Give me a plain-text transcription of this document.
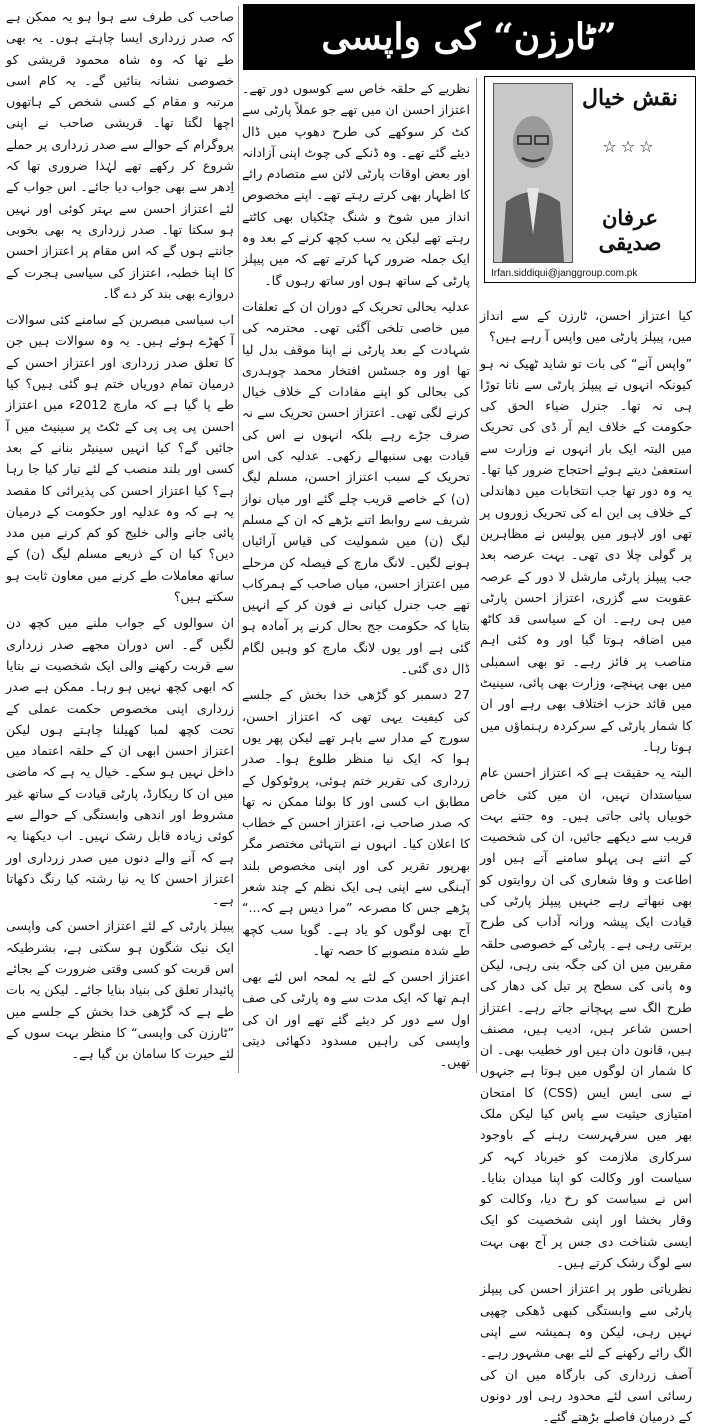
”ٹارزن“ کی واپسی
نقش خیال
☆☆☆
عرفان صدیقی
Irfan.siddiqui@janggroup.com.pk

کیا اعتزاز احسن، ٹارزن کے سے انداز میں، پیپلز پارٹی میں واپس آ رہے ہیں؟

”واپس آنے“ کی بات تو شاید ٹھیک نہ ہو کیونکہ انہوں نے پیپلز پارٹی سے ناتا توڑا ہی نہ تھا۔ جنرل ضیاء الحق کی حکومت کے خلاف ایم آر ڈی کی تحریک میں البتہ ایک بار انہوں نے وزارت سے استعفیٰ دیتے ہوئے احتجاج ضرور کیا تھا۔ یہ وہ دور تھا جب انتخابات میں دھاندلی کے خلاف پی این اے کی تحریک زوروں پر تھی اور لاہور میں پولیس نے مظاہرین پر گولی چلا دی تھی۔ بہت عرصہ بعد جب پیپلز پارٹی مارشل لا دور کے عرصہ عقوبت سے گزری، اعتزاز احسن پارٹی میں ہی رہے۔ ان کے سیاسی قد کاٹھ میں اضافہ ہوتا گیا اور وہ کئی اہم مناصب پر فائز رہے۔ تو بھی اسمبلی میں بھی پہنچے، وزارت بھی پائی، سینیٹ میں قائد حزب اختلاف بھی رہے اور ان کا شمار پارٹی کے سرکردہ رہنماؤں میں ہوتا رہا۔

البتہ یہ حقیقت ہے کہ اعتزاز احسن عام سیاستدان نہیں، ان میں کئی خاص خوبیاں پائی جاتی ہیں۔ وہ جتنے بہت قریب سے دیکھے جائیں، ان کی شخصیت کے اتنے ہی پہلو سامنے آتے ہیں اور اطاعت و وفا شعاری کی ان روایتوں کو بھی نبھاتے رہے جنہیں پیپلز پارٹی کی قیادت ایک پیشہ ورانہ آداب کی طرح برتتی رہی ہے۔ پارٹی کے خصوصی حلقہ مقربین میں ان کی جگہ بنی رہی، لیکن وہ پانی کی سطح پر تیل کی دھار کی طرح الگ سے پہچانے جاتے رہے۔ اعتزاز احسن شاعر ہیں، ادیب ہیں، مصنف ہیں، قانون دان ہیں اور خطیب بھی۔ ان کا شمار ان لوگوں میں ہوتا ہے جنہوں نے سی ایس ایس (CSS) کا امتحان امتیازی حیثیت سے پاس کیا لیکن ملک بھر میں سرفہرست رہنے کے باوجود سرکاری ملازمت کو خیرباد کہہ کر سیاست اور وکالت کو اپنا میدان بنایا۔ اس نے سیاست کو رخ دیا، وکالت کو وقار بخشا اور اپنی شخصیت کو ایک ایسی شناخت دی جس پر آج بھی بہت سے لوگ رشک کرتے ہیں۔

نظریاتی طور پر اعتزاز احسن کی پیپلز پارٹی سے وابستگی کبھی ڈھکی چھپی نہیں رہی، لیکن وہ ہمیشہ سے اپنی الگ رائے رکھنے کے لئے بھی مشہور رہے۔ آصف زرداری کی بارگاہ میں ان کی رسائی اسی لئے محدود رہی اور دونوں کے درمیان فاصلے بڑھتے گئے۔

نظریے کے حلقہ خاص سے کوسوں دور تھے۔ اعتزاز احسن ان میں تھے جو عملاً پارٹی سے کٹ کر سوکھے کی طرح دھوپ میں ڈال دیئے گئے تھے۔ وہ ڈنکے کی چوٹ اپنی آزادانہ اور بعض اوقات پارٹی لائن سے متصادم رائے کا اظہار بھی کرتے رہتے تھے۔ اپنے مخصوص انداز میں شوخ و شنگ چٹکیاں بھی کاٹتے رہتے تھے لیکن یہ سب کچھ کرنے کے بعد وہ ایک جملہ ضرور کہا کرتے تھے کہ میں پیپلز پارٹی کے ساتھ ہوں اور ساتھ رہوں گا۔

عدلیہ بحالی تحریک کے دوران ان کے تعلقات میں خاصی تلخی آگئی تھی۔ محترمہ کی شہادت کے بعد پارٹی نے اپنا موقف بدل لیا تھا اور وہ جسٹس افتخار محمد چوہدری کی بحالی کو اپنے مفادات کے خلاف خیال کرنے لگی تھی۔ اعتزاز احسن تحریک سے نہ صرف جڑے رہے بلکہ انہوں نے اس کی قیادت بھی سنبھالے رکھی۔ عدلیہ کی اس تحریک کے سبب اعتزاز احسن، مسلم لیگ (ن) کے خاصے قریب چلے گئے اور میاں نواز شریف سے روابط اتنے بڑھے کہ ان کے مسلم لیگ (ن) میں شمولیت کی قیاس آرائیاں ہونے لگیں۔ لانگ مارچ کے فیصلہ کن مرحلے میں اعتزاز احسن، میاں صاحب کے ہمرکاب تھے جب جنرل کیانی نے فون کر کے انہیں بتایا کہ حکومت جج بحال کرنے پر آمادہ ہو گئی ہے اور یوں لانگ مارچ کو وہیں لگام ڈال دی گئی۔

27 دسمبر کو گڑھی خدا بخش کے جلسے کی کیفیت یہی تھی کہ اعتزاز احسن، سورج کے مدار سے باہر تھے لیکن پھر یوں ہوا کہ ایک نیا منظر طلوع ہوا۔ صدر زرداری کی تقریر ختم ہوئی، پروٹوکول کے مطابق اب کسی اور کا بولنا ممکن نہ تھا کہ صدر صاحب نے، اعتزاز احسن کے خطاب کا اعلان کیا۔ انہوں نے انتہائی مختصر مگر بھرپور تقریر کی اور اپنی مخصوص بلند آہنگی سے اپنی ہی ایک نظم کے چند شعر پڑھے جس کا مصرعہ ”مرا دیس ہے کہ...“ آج بھی لوگوں کو یاد ہے۔ گویا سب کچھ طے شدہ منصوبے کا حصہ تھا۔

اعتزاز احسن کے لئے یہ لمحہ اس لئے بھی اہم تھا کہ ایک مدت سے وہ پارٹی کی صف اول سے دور کر دیئے گئے تھے اور ان کی واپسی کی راہیں مسدود دکھائی دیتی تھیں۔

صاحب کی طرف سے ہوا ہو یہ ممکن ہے کہ صدر زرداری ایسا چاہتے ہوں۔ یہ بھی طے تھا کہ وہ شاہ محمود قریشی کو خصوصی نشانہ بنائیں گے۔ یہ کام اسی مرتبہ و مقام کے کسی شخص کے ہاتھوں اچھا لگتا تھا۔ قریشی صاحب نے اپنی پروگرام کے حوالے سے صدر زرداری پر حملے شروع کر رکھے تھے لہٰذا ضروری تھا کہ اِدھر سے بھی جواب دیا جائے۔ اس جواب کے لئے اعتزاز احسن سے بہتر کوئی اور نہیں ہو سکتا تھا۔ صدر زرداری یہ بھی بخوبی جانتے ہوں گے کہ اس مقام پر اعتزاز احسن کا اپنا خطبہ، اعتزاز کی سیاسی ہجرت کے دروازے بھی بند کر دے گا۔

اب سیاسی مبصرین کے سامنے کئی سوالات آ کھڑے ہوئے ہیں۔ یہ وہ سوالات ہیں جن کا تعلق صدر زرداری اور اعتزاز احسن کے درمیان تمام دوریاں ختم ہو گئی ہیں؟ کیا طے پا گیا ہے کہ مارچ 2012ء میں اعتزاز احسن پی پی پی کے ٹکٹ پر سینیٹ میں آ جائیں گے؟ کیا انہیں سینیٹر بنانے کے بعد کسی اور بلند منصب کے لئے تیار کیا جا رہا ہے؟ کیا اعتزاز احسن کی پذیرائی کا مقصد یہ ہے کہ وہ عدلیہ اور حکومت کے درمیان پائی جانے والی خلیج کو کم کرنے میں مدد دیں؟ کیا ان کے ذریعے مسلم لیگ (ن) کے ساتھ معاملات طے کرنے میں معاون ثابت ہو سکتے ہیں؟

ان سوالوں کے جواب ملنے میں کچھ دن لگیں گے۔ اس دوران مجھے صدر زرداری سے قربت رکھنے والی ایک شخصیت نے بتایا کہ ابھی کچھ نہیں ہو رہا۔ ممکن ہے صدر زرداری اپنی مخصوص حکمت عملی کے تحت کچھ لمبا کھیلنا چاہتے ہوں لیکن اعتزاز احسن ابھی ان کے حلقہ اعتماد میں داخل نہیں ہو سکے۔ خیال یہ ہے کہ ماضی میں ان کا ریکارڈ، پارٹی قیادت کے ساتھ غیر مشروط اور اندھی وابستگی کے حوالے سے کوئی زیادہ قابل رشک نہیں۔ اب دیکھنا یہ ہے کہ آنے والے دنوں میں صدر زرداری اور اعتزاز احسن کا یہ نیا رشتہ کیا رنگ دکھاتا ہے۔

پیپلز پارٹی کے لئے اعتزاز احسن کی واپسی ایک نیک شگون ہو سکتی ہے، بشرطیکہ اس قربت کو کسی وقتی ضرورت کے بجائے پائیدار تعلق کی بنیاد بنایا جائے۔ لیکن یہ بات طے ہے کہ گڑھی خدا بخش کے جلسے میں ”ٹارزن کی واپسی“ کا منظر بہت سوں کے لئے حیرت کا سامان بن گیا ہے۔
